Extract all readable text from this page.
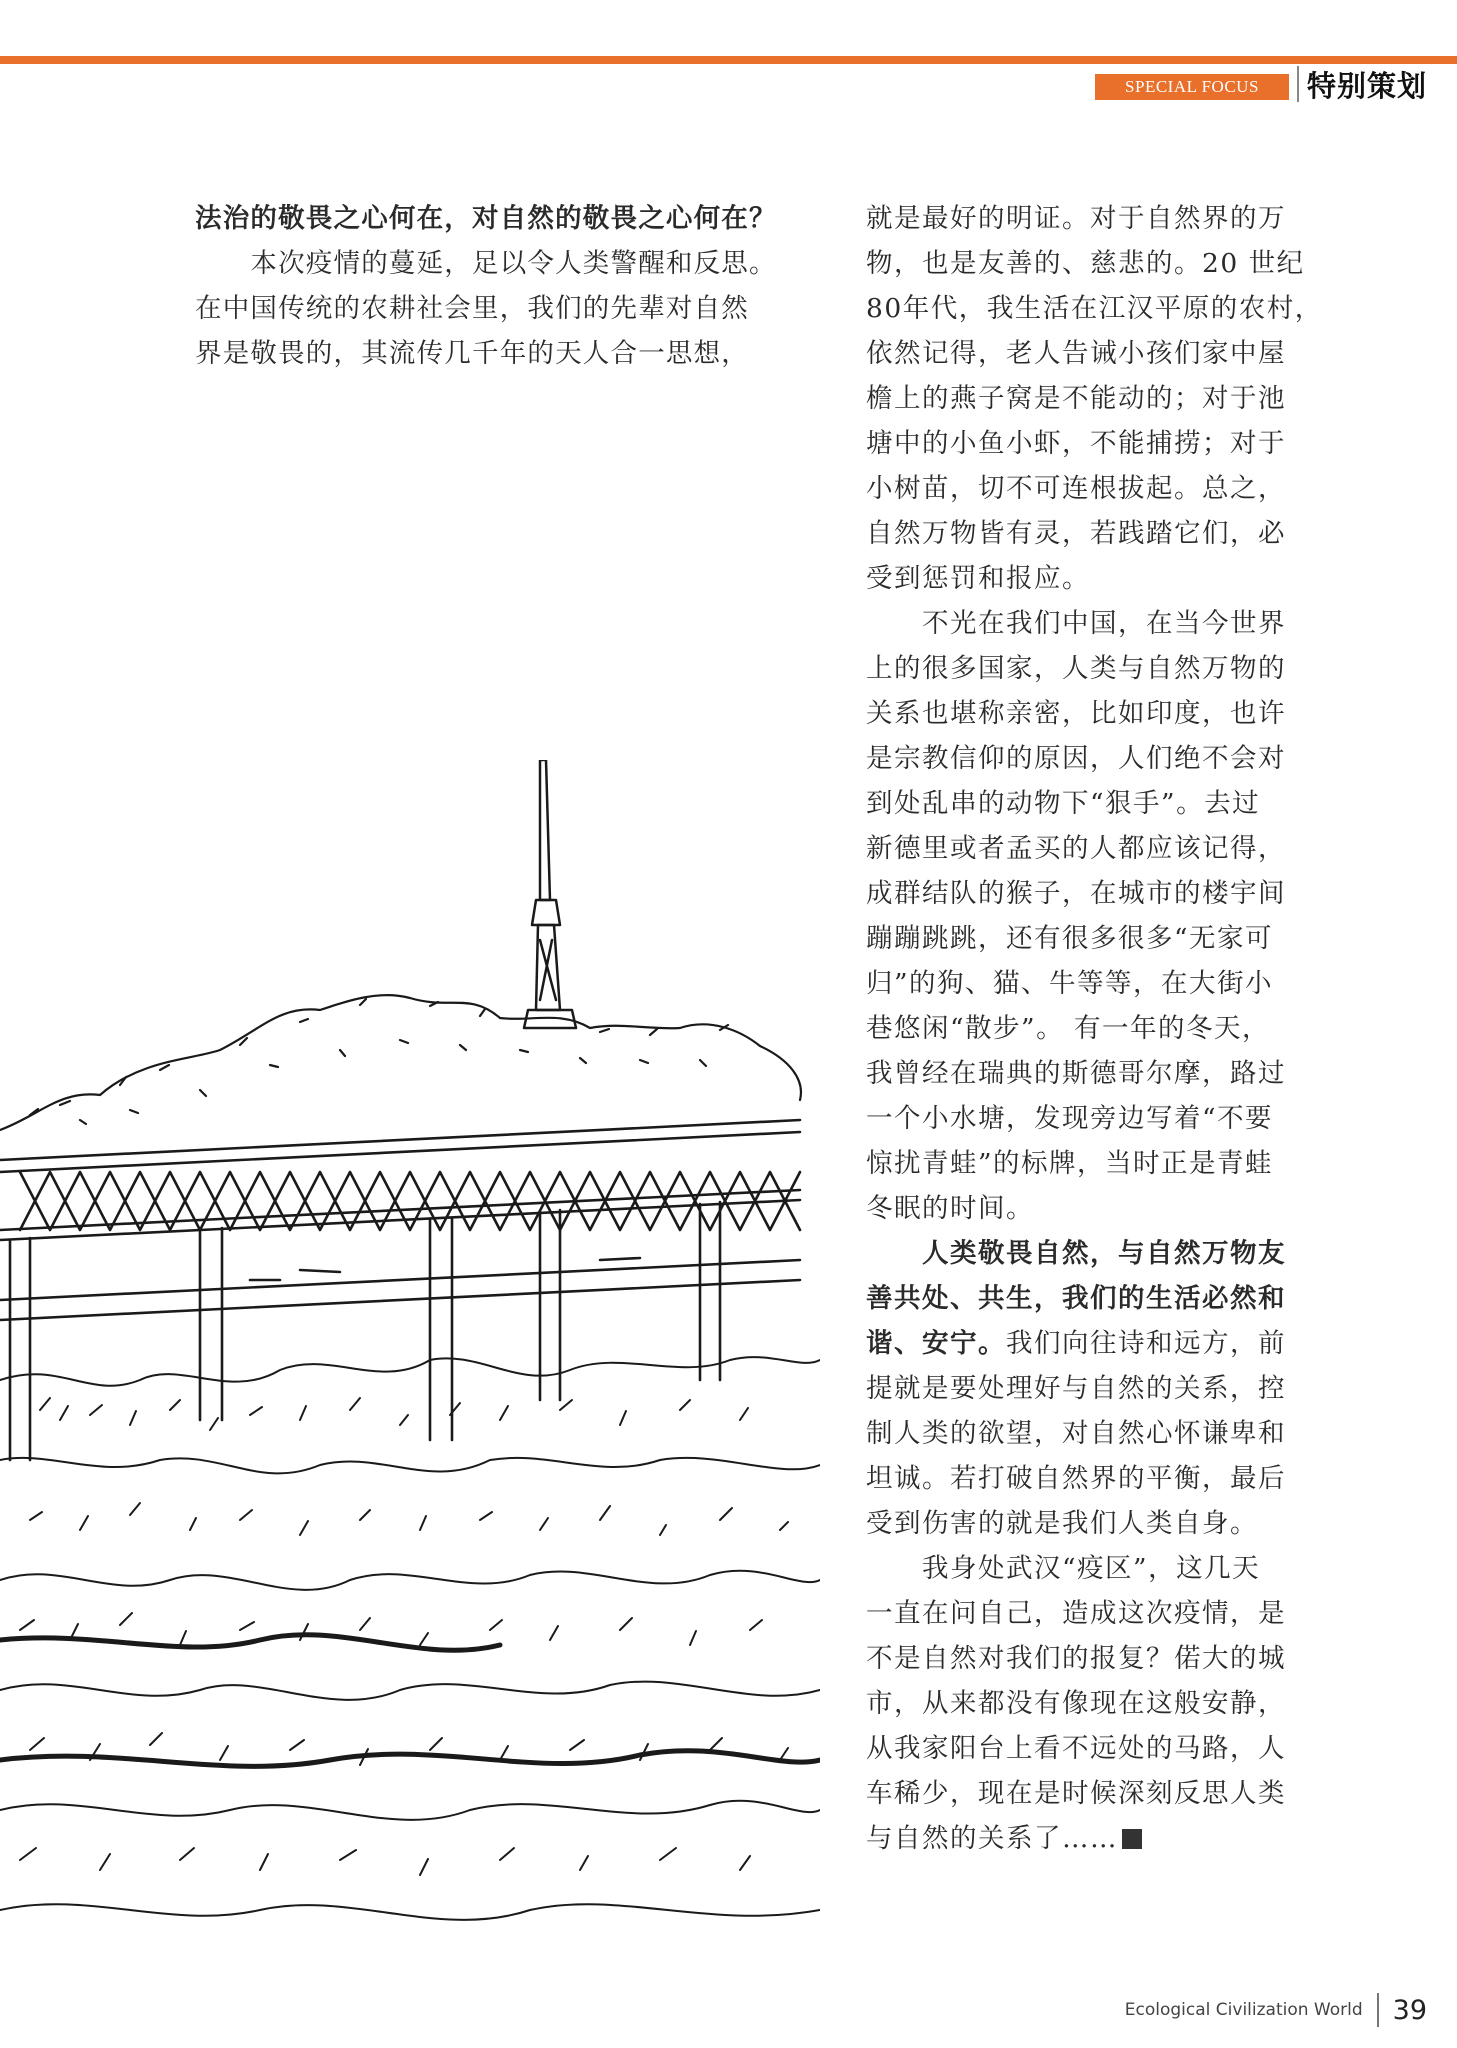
SPECIAL FOCUS	特别策划
法治的敬畏之心何在，对自然的敬畏之心何在？
　　本次疫情的蔓延，足以令人类警醒和反思。
在中国传统的农耕社会里，我们的先辈对自然
界是敬畏的，其流传几千年的天人合一思想，
就是最好的明证。对于自然界的万
物，也是友善的、慈悲的。20 世纪
80年代，我生活在江汉平原的农村，
依然记得，老人告诫小孩们家中屋
檐上的燕子窝是不能动的；对于池
塘中的小鱼小虾，不能捕捞；对于
小树苗，切不可连根拔起。总之，
自然万物皆有灵，若践踏它们，必
受到惩罚和报应。
　　不光在我们中国，在当今世界
上的很多国家，人类与自然万物的
关系也堪称亲密，比如印度，也许
是宗教信仰的原因，人们绝不会对
到处乱串的动物下“狠手”。去过
新德里或者孟买的人都应该记得，
成群结队的猴子，在城市的楼宇间
蹦蹦跳跳，还有很多很多“无家可
归”的狗、猫、牛等等，在大街小
巷悠闲“散步”。 有一年的冬天，
我曾经在瑞典的斯德哥尔摩，路过
一个小水塘，发现旁边写着“不要
惊扰青蛙”的标牌，当时正是青蛙
冬眠的时间。
　　人类敬畏自然，与自然万物友
善共处、共生，我们的生活必然和
谐、安宁。我们向往诗和远方，前
提就是要处理好与自然的关系，控
制人类的欲望，对自然心怀谦卑和
坦诚。若打破自然界的平衡，最后
受到伤害的就是我们人类自身。
　　我身处武汉“疫区”，这几天
一直在问自己，造成这次疫情，是
不是自然对我们的报复？偌大的城
市，从来都没有像现在这般安静，
从我家阳台上看不远处的马路，人
车稀少，现在是时候深刻反思人类
与自然的关系了……
Ecological Civilization World 39
